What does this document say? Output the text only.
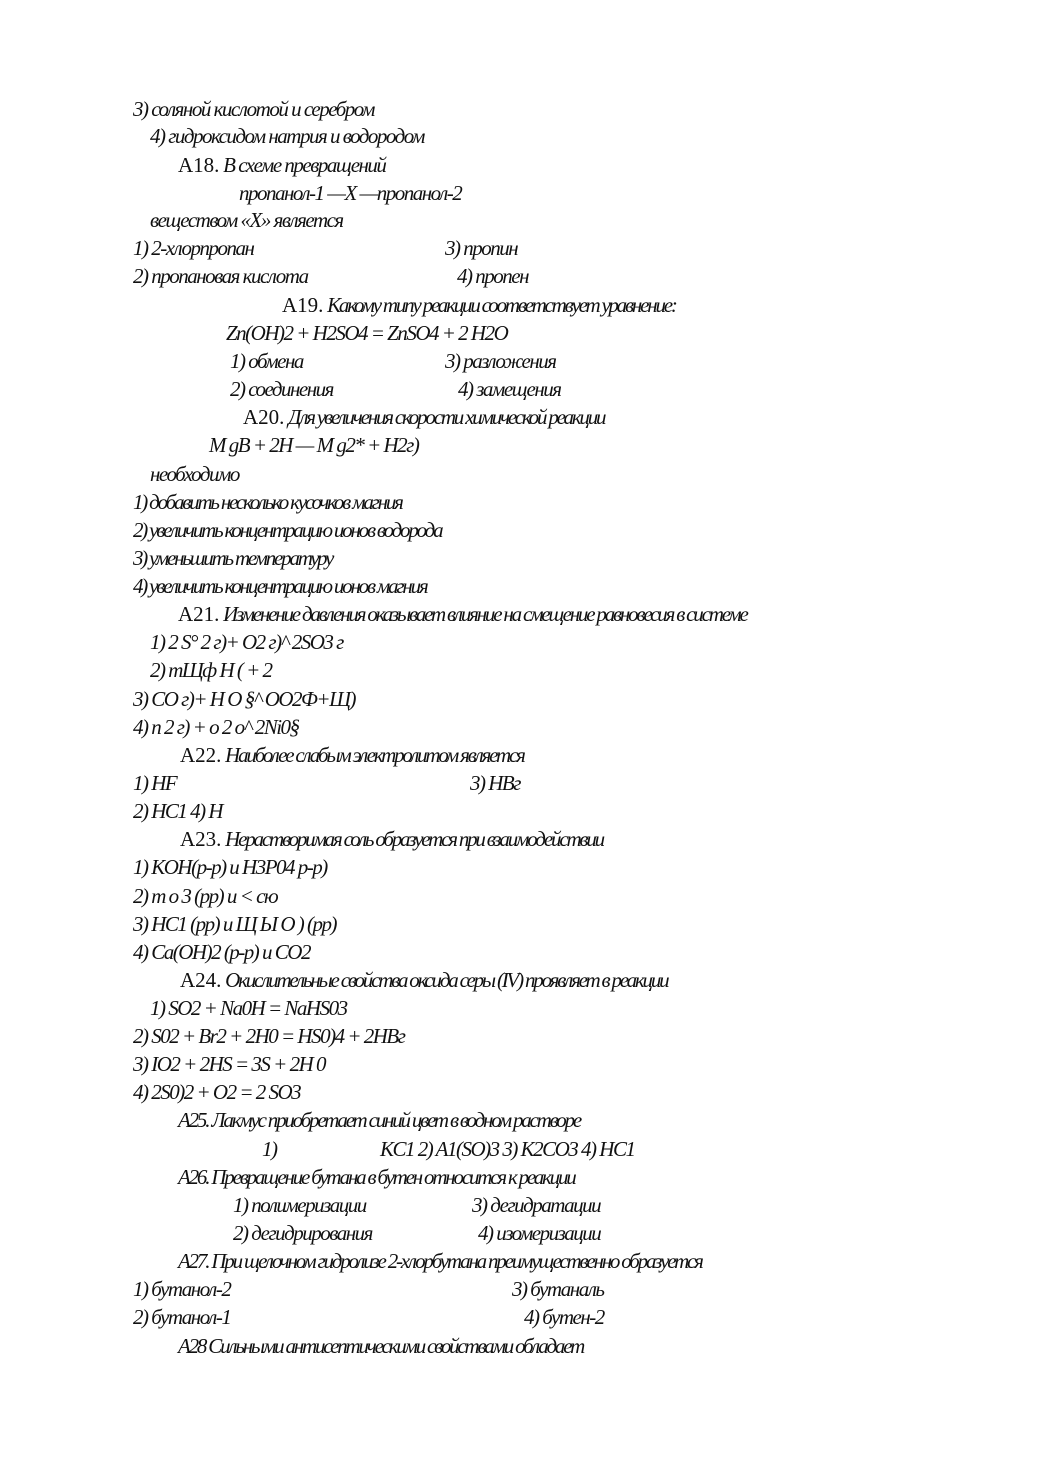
3) соляной кислотой и серебром
4) гидроксидом натрия и водородом
А18. В схеме превращений
пропанол-1 —X —пропанол-2
веществом «X» является
1) 2-хлорпропан	3) пропин
2) пропановая кислота	4) пропен
А19. Какому типу реакции соответствует уравнение:
Zn(OH)2 + H2SO4 = ZnSO4 + 2 H2O
1) обмена	3) разложения
2) соединения	4) замещения
А20. Для увеличения скорости химической реакции
M gB + 2H — M g2* + H2г)
необходимо
1) добавить несколько кусочков магния
2) увеличить концентрацию ионов водорода
3) уменьшить температуру
4) увеличить концентрацию ионов магния
А21. Изменение давления оказывает влияние на смещение равновесия в системе
1) 2 S° 2 г)+ O2 г)^ 2SO3 г
2) mЩф H ( + 2
3) CO г)+ H O §^ OO2Ф+Щ)
4) n 2 г) + o 2 o^ 2Ni0§
А22. Наиболее слабым электролитом является
1) HF	3) HBг
2) HC1 4) H
А23. Нерастворимая соль образуется при взаимодействии
1) KOH(р-р) и H3P04 р-р)
2) т о 3 (рр) и < сю
3) HC1 (рр) и Щ Ы О ) (рр)
4) Ca(OH)2 (р-р) и CO2
А24. Окислительные свойства оксида серы (IV) проявляет в реакции
1) SO2 + Na0H = NaHS03
2) S02 + Br2 + 2H0 = HS0)4 + 2HBг
3) IO2 + 2HS = 3S + 2H 0
4) 2S0)2 + O2 = 2 SO3
А25. Лакмус приобретает синий цвет в водном растворе
1)	KC1 2) A1(SO)3 3) K2CO3 4) HC1
А26. Превращение бутана в бутен относится к реакции
1) полимеризации	3) дегидратации
2) дегидрирования	4) изомеризации
А27. При щелочном гидролизе 2-хлорбутана преимущественно образуется
1) бутанол-2	3) бутаналь
2) бутанол-1	4) бутен-2
А28 Сильными антисептическими свойствами обладает
